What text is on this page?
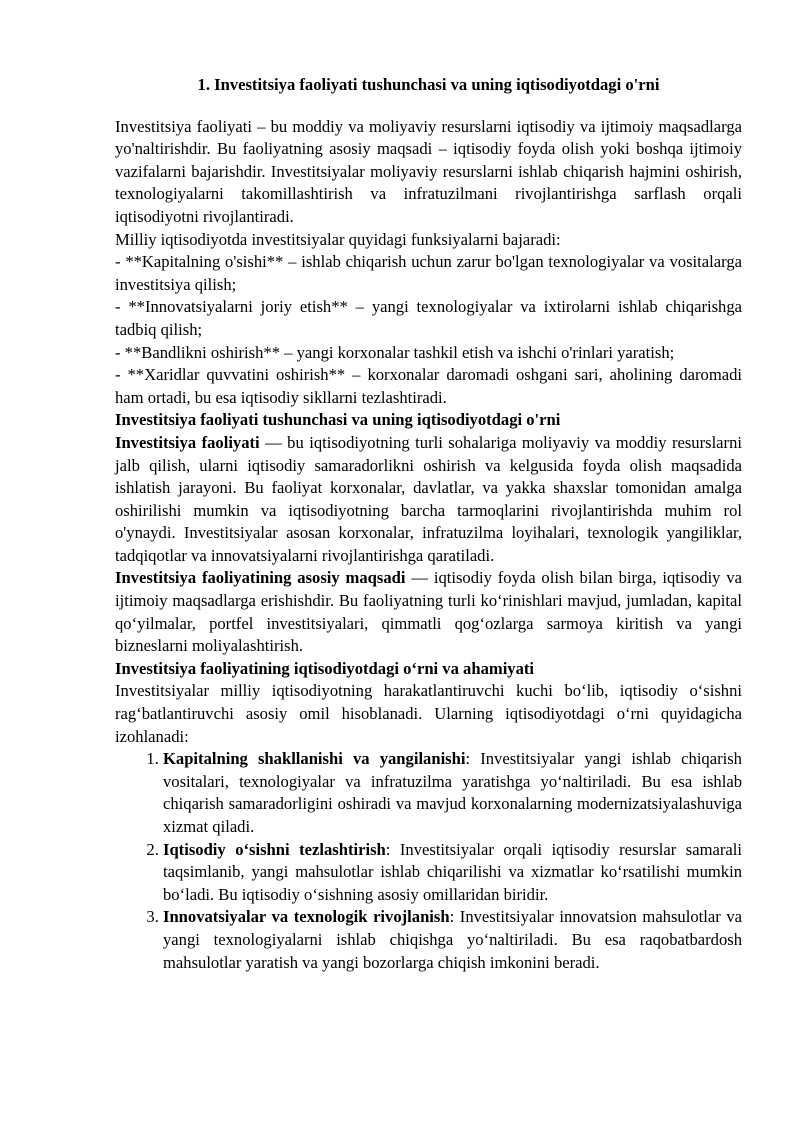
1. Investitsiya faoliyati tushunchasi va uning iqtisodiyotdagi o'rni

Investitsiya faoliyati – bu moddiy va moliyaviy resurslarni iqtisodiy va ijtimoiy maqsadlarga yo'naltirishdir. Bu faoliyatning asosiy maqsadi – iqtisodiy foyda olish yoki boshqa ijtimoiy vazifalarni bajarishdir. Investitsiyalar moliyaviy resurslarni ishlab chiqarish hajmini oshirish, texnologiyalarni takomillashtirish va infratuzilmani rivojlantirishga sarflash orqali iqtisodiyotni rivojlantiradi.

Milliy iqtisodiyotda investitsiyalar quyidagi funksiyalarni bajaradi:

- **Kapitalning o'sishi** – ishlab chiqarish uchun zarur bo'lgan texnologiyalar va vositalarga investitsiya qilish;

- **Innovatsiyalarni joriy etish** – yangi texnologiyalar va ixtirolarni ishlab chiqarishga tadbiq qilish;

- **Bandlikni oshirish** – yangi korxonalar tashkil etish va ishchi o'rinlari yaratish;

- **Xaridlar quvvatini oshirish** – korxonalar daromadi oshgani sari, aholining daromadi ham ortadi, bu esa iqtisodiy sikllarni tezlashtiradi.

Investitsiya faoliyati tushunchasi va uning iqtisodiyotdagi o'rni

Investitsiya faoliyati — bu iqtisodiyotning turli sohalariga moliyaviy va moddiy resurslarni jalb qilish, ularni iqtisodiy samaradorlikni oshirish va kelgusida foyda olish maqsadida ishlatish jarayoni. Bu faoliyat korxonalar, davlatlar, va yakka shaxslar tomonidan amalga oshirilishi mumkin va iqtisodiyotning barcha tarmoqlarini rivojlantirishda muhim rol o'ynaydi. Investitsiyalar asosan korxonalar, infratuzilma loyihalari, texnologik yangiliklar, tadqiqotlar va innovatsiyalarni rivojlantirishga qaratiladi.

Investitsiya faoliyatining asosiy maqsadi — iqtisodiy foyda olish bilan birga, iqtisodiy va ijtimoiy maqsadlarga erishishdir. Bu faoliyatning turli ko‘rinishlari mavjud, jumladan, kapital qo‘yilmalar, portfel investitsiyalari, qimmatli qog‘ozlarga sarmoya kiritish va yangi bizneslarni moliyalashtirish.

Investitsiya faoliyatining iqtisodiyotdagi o‘rni va ahamiyati

Investitsiyalar milliy iqtisodiyotning harakatlantiruvchi kuchi bo‘lib, iqtisodiy o‘sishni rag‘batlantiruvchi asosiy omil hisoblanadi. Ularning iqtisodiyotdagi o‘rni quyidagicha izohlanadi:

1. Kapitalning shakllanishi va yangilanishi: Investitsiyalar yangi ishlab chiqarish vositalari, texnologiyalar va infratuzilma yaratishga yo‘naltiriladi. Bu esa ishlab chiqarish samaradorligini oshiradi va mavjud korxonalarning modernizatsiyalashuviga xizmat qiladi.
2. Iqtisodiy o‘sishni tezlashtirish: Investitsiyalar orqali iqtisodiy resurslar samarali taqsimlanib, yangi mahsulotlar ishlab chiqarilishi va xizmatlar ko‘rsatilishi mumkin bo‘ladi. Bu iqtisodiy o‘sishning asosiy omillaridan biridir.
3. Innovatsiyalar va texnologik rivojlanish: Investitsiyalar innovatsion mahsulotlar va yangi texnologiyalarni ishlab chiqishga yo‘naltiriladi. Bu esa raqobatbardosh mahsulotlar yaratish va yangi bozorlarga chiqish imkonini beradi.
